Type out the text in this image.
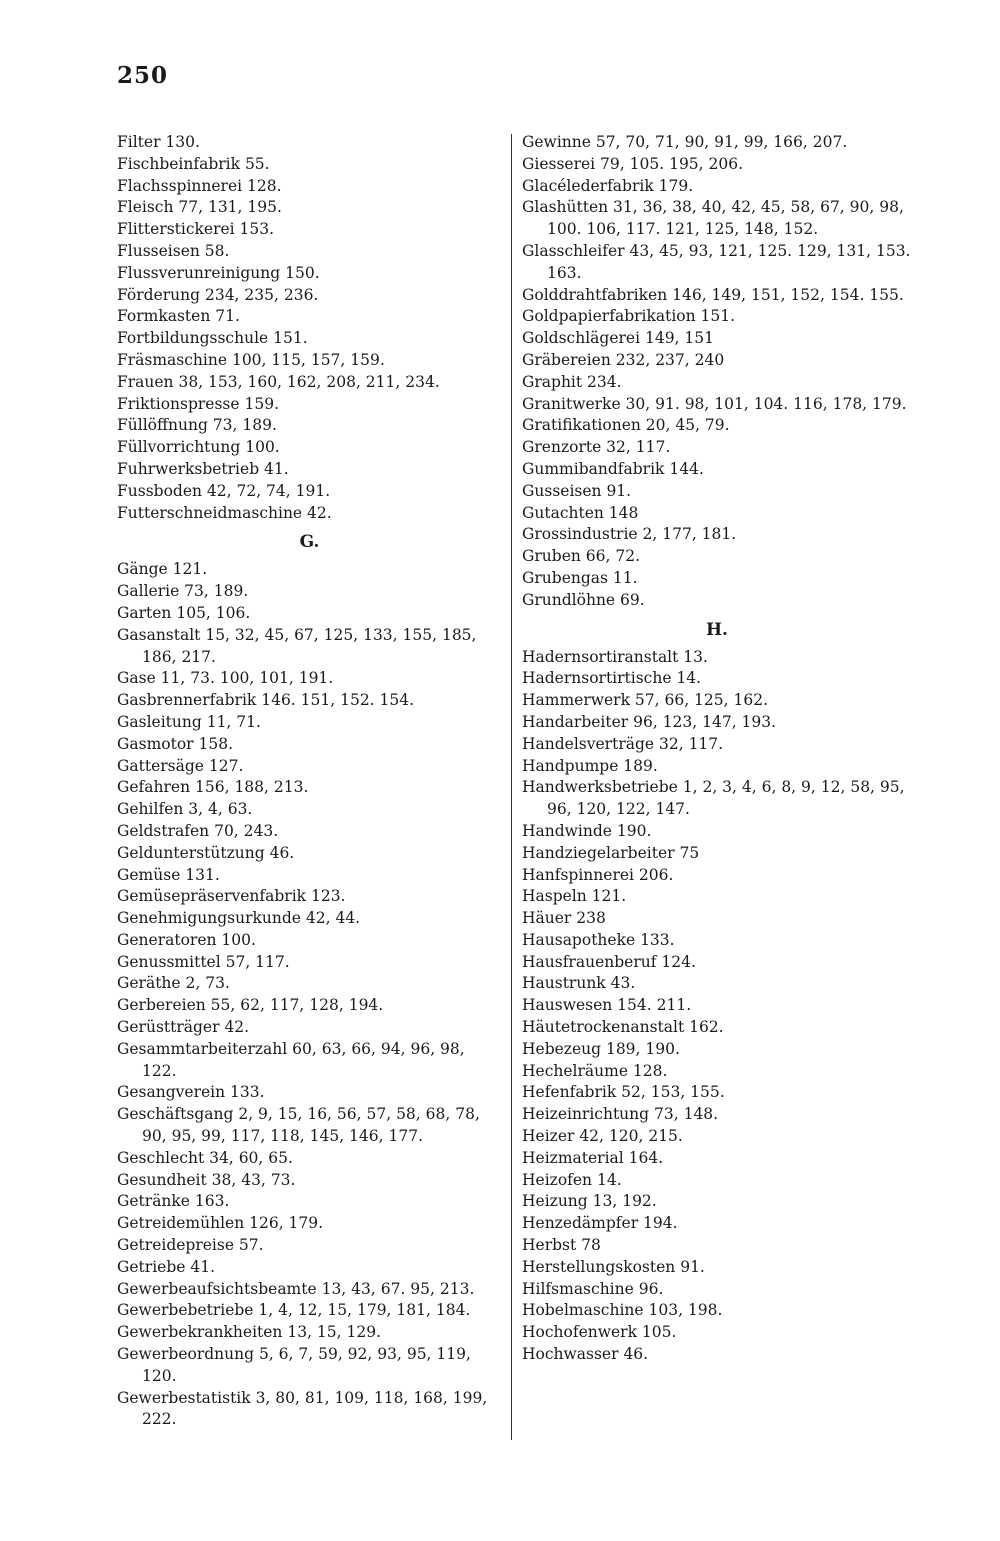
250
Filter 130.
Fischbeinfabrik 55.
Flachsspinnerei 128.
Fleisch 77, 131, 195.
Flitterstickerei 153.
Flusseisen 58.
Flussverunreinigung 150.
Förderung 234, 235, 236.
Formkasten 71.
Fortbildungsschule 151.
Fräsmaschine 100, 115, 157, 159.
Frauen 38, 153, 160, 162, 208, 211, 234.
Friktionspresse 159.
Füllöffnung 73, 189.
Füllvorrichtung 100.
Fuhrwerksbetrieb 41.
Fussboden 42, 72, 74, 191.
Futterschneidmaschine 42.
G.
Gänge 121.
Gallerie 73, 189.
Garten 105, 106.
Gasanstalt 15, 32, 45, 67, 125, 133, 155, 185, 186, 217.
Gase 11, 73. 100, 101, 191.
Gasbrennerfabrik 146. 151, 152. 154.
Gasleitung 11, 71.
Gasmotor 158.
Gattersäge 127.
Gefahren 156, 188, 213.
Gehilfen 3, 4, 63.
Geldstrafen 70, 243.
Geldunterstützung 46.
Gemüse 131.
Gemüsepräservenfabrik 123.
Genehmigungsurkunde 42, 44.
Generatoren 100.
Genussmittel 57, 117.
Geräthe 2, 73.
Gerbereien 55, 62, 117, 128, 194.
Gerüstträger 42.
Gesammtarbeiterzahl 60, 63, 66, 94, 96, 98, 122.
Gesangverein 133.
Geschäftsgang 2, 9, 15, 16, 56, 57, 58, 68, 78, 90, 95, 99, 117, 118, 145, 146, 177.
Geschlecht 34, 60, 65.
Gesundheit 38, 43, 73.
Getränke 163.
Getreidemühlen 126, 179.
Getreidepreise 57.
Getriebe 41.
Gewerbeaufsichtsbeamte 13, 43, 67. 95, 213.
Gewerbebetriebe 1, 4, 12, 15, 179, 181, 184.
Gewerbekrankheiten 13, 15, 129.
Gewerbeordnung 5, 6, 7, 59, 92, 93, 95, 119, 120.
Gewerbestatistik 3, 80, 81, 109, 118, 168, 199, 222.
Gewinne 57, 70, 71, 90, 91, 99, 166, 207.
Giesserei 79, 105. 195, 206.
Glacélederfabrik 179.
Glashütten 31, 36, 38, 40, 42, 45, 58, 67, 90, 98, 100. 106, 117. 121, 125, 148, 152.
Glasschleifer 43, 45, 93, 121, 125. 129, 131, 153. 163.
Golddrahtfabriken 146, 149, 151, 152, 154. 155.
Goldpapierfabrikation 151.
Goldschlägerei 149, 151
Gräbereien 232, 237, 240
Graphit 234.
Granitwerke 30, 91. 98, 101, 104. 116, 178, 179.
Gratifikationen 20, 45, 79.
Grenzorte 32, 117.
Gummibandfabrik 144.
Gusseisen 91.
Gutachten 148
Grossindustrie 2, 177, 181.
Gruben 66, 72.
Grubengas 11.
Grundlöhne 69.
H.
Hadernsortiranstalt 13.
Hadernsortirtische 14.
Hammerwerk 57, 66, 125, 162.
Handarbeiter 96, 123, 147, 193.
Handelsverträge 32, 117.
Handpumpe 189.
Handwerksbetriebe 1, 2, 3, 4, 6, 8, 9, 12, 58, 95, 96, 120, 122, 147.
Handwinde 190.
Handziegelarbeiter 75
Hanfspinnerei 206.
Haspeln 121.
Häuer 238
Hausapotheke 133.
Hausfrauenberuf 124.
Haustrunk 43.
Hauswesen 154. 211.
Häutetrockenanstalt 162.
Hebezeug 189, 190.
Hechelräume 128.
Hefenfabrik 52, 153, 155.
Heizeinrichtung 73, 148.
Heizer 42, 120, 215.
Heizmaterial 164.
Heizofen 14.
Heizung 13, 192.
Henzedämpfer 194.
Herbst 78
Herstellungskosten 91.
Hilfsmaschine 96.
Hobelmaschine 103, 198.
Hochofenwerk 105.
Hochwasser 46.
